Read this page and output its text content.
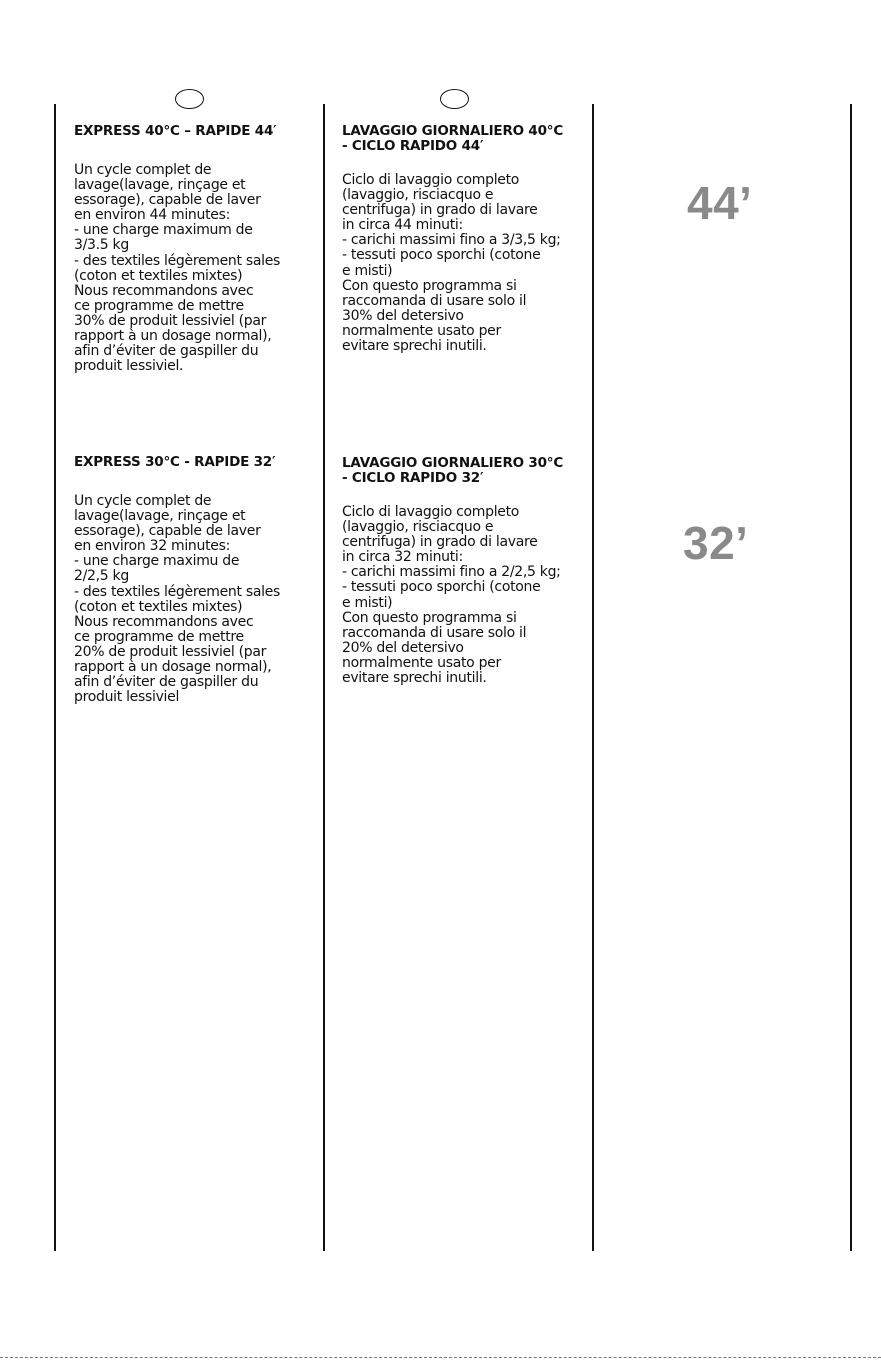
EXPRESS 40°C – RAPIDE 44′
Un cycle complet de
lavage(lavage, rinçage et
essorage), capable de laver
en environ 44 minutes:
- une charge maximum de
3/3.5 kg
- des textiles légèrement sales
(coton et textiles mixtes)
Nous recommandons avec
ce programme de mettre
30% de produit lessiviel (par
rapport à un dosage normal),
afin d’éviter de gaspiller du
produit lessiviel.
EXPRESS 30°C - RAPIDE 32′
Un cycle complet de
lavage(lavage, rinçage et
essorage), capable de laver
en environ 32 minutes:
- une charge maximu de
2/2,5 kg
- des textiles légèrement sales
(coton et textiles mixtes)
Nous recommandons avec
ce programme de mettre
20% de produit lessiviel (par
rapport à un dosage normal),
afin d’éviter de gaspiller du
produit lessiviel
LAVAGGIO GIORNALIERO 40°C
- CICLO RAPIDO 44′
Ciclo di lavaggio completo
(lavaggio, risciacquo e
centrifuga) in grado di lavare
in circa 44 minuti:
- carichi massimi fino a 3/3,5 kg;
- tessuti poco sporchi (cotone
e misti)
Con questo programma si
raccomanda di usare solo il
30% del detersivo
normalmente usato per
evitare sprechi inutili.
LAVAGGIO GIORNALIERO 30°C
- CICLO RAPIDO 32′
Ciclo di lavaggio completo
(lavaggio, risciacquo e
centrifuga) in grado di lavare
in circa 32 minuti:
- carichi massimi fino a 2/2,5 kg;
- tessuti poco sporchi (cotone
e misti)
Con questo programma si
raccomanda di usare solo il
20% del detersivo
normalmente usato per
evitare sprechi inutili.
44’
32’
